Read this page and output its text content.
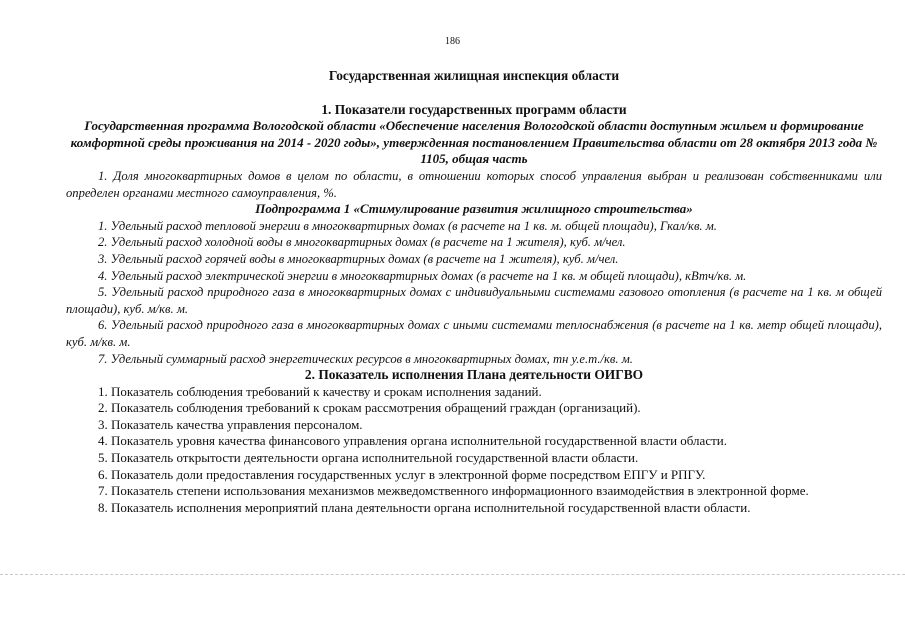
186
Государственная жилищная инспекция области
1. Показатели государственных программ области
Государственная программа Вологодской области «Обеспечение населения Вологодской области доступным жильем и формирование комфортной среды проживания на 2014 - 2020 годы», утвержденная постановлением Правительства области от 28 октября 2013 года № 1105, общая часть
1. Доля многоквартирных домов в целом по области, в отношении которых способ управления выбран и реализован собственниками или определен органами местного самоуправления, %.
Подпрограмма 1 «Стимулирование развития жилищного строительства»
1. Удельный расход тепловой энергии в многоквартирных домах (в расчете на 1 кв. м. общей площади), Гкал/кв. м.
2. Удельный расход холодной воды в многоквартирных домах (в расчете на 1 жителя), куб. м/чел.
3. Удельный расход горячей воды в многоквартирных домах (в расчете на 1 жителя), куб. м/чел.
4. Удельный расход электрической энергии в многоквартирных домах (в расчете на 1 кв. м общей площади), кВтч/кв. м.
5. Удельный расход природного газа в многоквартирных домах с индивидуальными системами газового отопления (в расчете на 1 кв. м общей площади), куб. м/кв. м.
6. Удельный расход природного газа в многоквартирных домах с иными системами теплоснабжения (в расчете на 1 кв. метр общей площади), куб. м/кв. м.
7. Удельный суммарный расход энергетических ресурсов в многоквартирных домах, тн у.е.т./кв. м.
2. Показатель исполнения Плана деятельности ОИГВО
1. Показатель соблюдения требований к качеству и срокам исполнения заданий.
2. Показатель соблюдения требований к срокам рассмотрения обращений граждан (организаций).
3. Показатель качества управления персоналом.
4. Показатель уровня качества финансового управления органа исполнительной государственной власти области.
5. Показатель открытости деятельности органа исполнительной государственной власти области.
6. Показатель доли предоставления государственных услуг в электронной форме посредством ЕПГУ и РПГУ.
7. Показатель степени использования механизмов межведомственного информационного взаимодействия в электронной форме.
8. Показатель исполнения мероприятий плана деятельности органа исполнительной государственной власти области.
